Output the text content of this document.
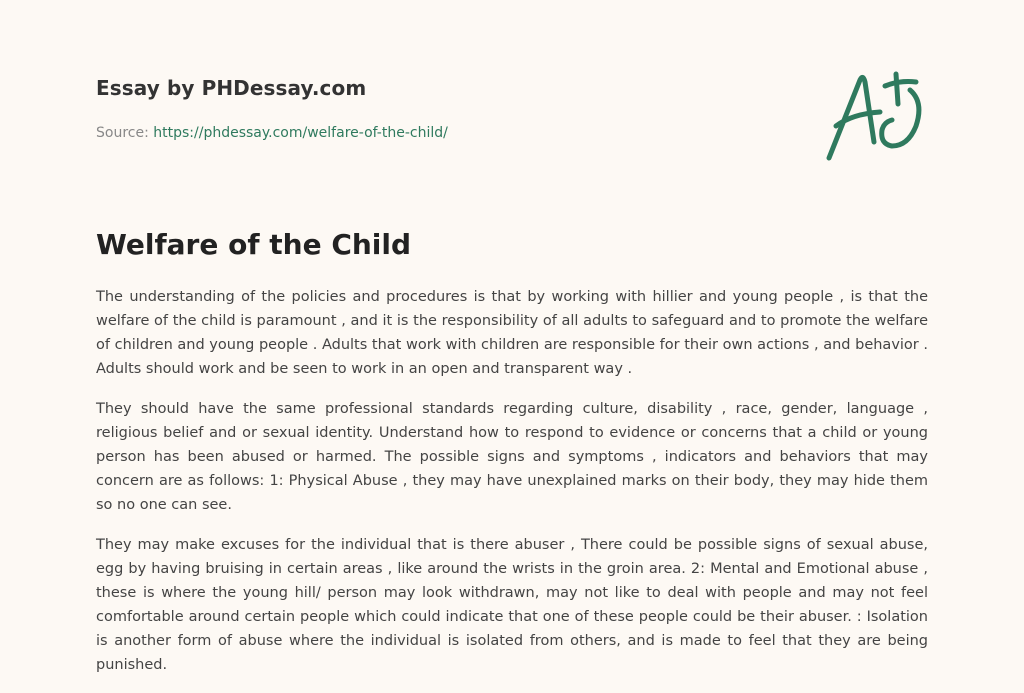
Essay by PHDessay.com
Source: https://phdessay.com/welfare-of-the-child/
Welfare of the Child

The understanding of the policies and procedures is that by working with hillier and young people , is that the welfare of the child is paramount , and it is the responsibility of all adults to safeguard and to promote the welfare of children and young people . Adults that work with children are responsible for their own actions , and behavior . Adults should work and be seen to work in an open and transparent way .

They should have the same professional standards regarding culture, disability , race, gender, language , religious belief and or sexual identity. Understand how to respond to evidence or concerns that a child or young person has been abused or harmed. The possible signs and symptoms , indicators and behaviors that may concern are as follows: 1: Physical Abuse , they may have unexplained marks on their body, they may hide them so no one can see.

They may make excuses for the individual that is there abuser , There could be possible signs of sexual abuse, egg by having bruising in certain areas , like around the wrists in the groin area. 2: Mental and Emotional abuse , these is where the young hill/ person may look withdrawn, may not like to deal with people and may not feel comfortable around certain people which could indicate that one of these people could be their abuser. : Isolation is another form of abuse where the individual is isolated from others, and is made to feel that they are being punished.
